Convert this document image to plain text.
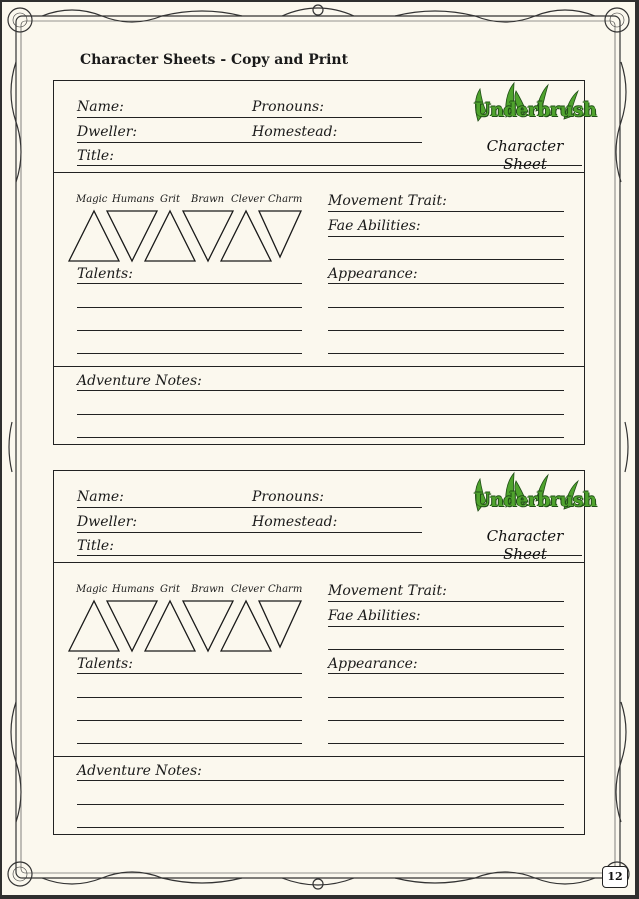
Character Sheets - Copy and Print
Name:	Pronouns:
Dweller:	Homestead:
Title:
Underbrush
Character Sheet
Magic Humans Grit Brawn Clever Charm Movement Trait:
Fae Abilities:
Talents:	Appearance:
Adventure Notes:
Name:	Pronouns:
Dweller:	Homestead:
Title:
Underbrush
Character Sheet
Magic Humans Grit Brawn Clever Charm Movement Trait:
Fae Abilities:
Talents:	Appearance:
Adventure Notes:
12
